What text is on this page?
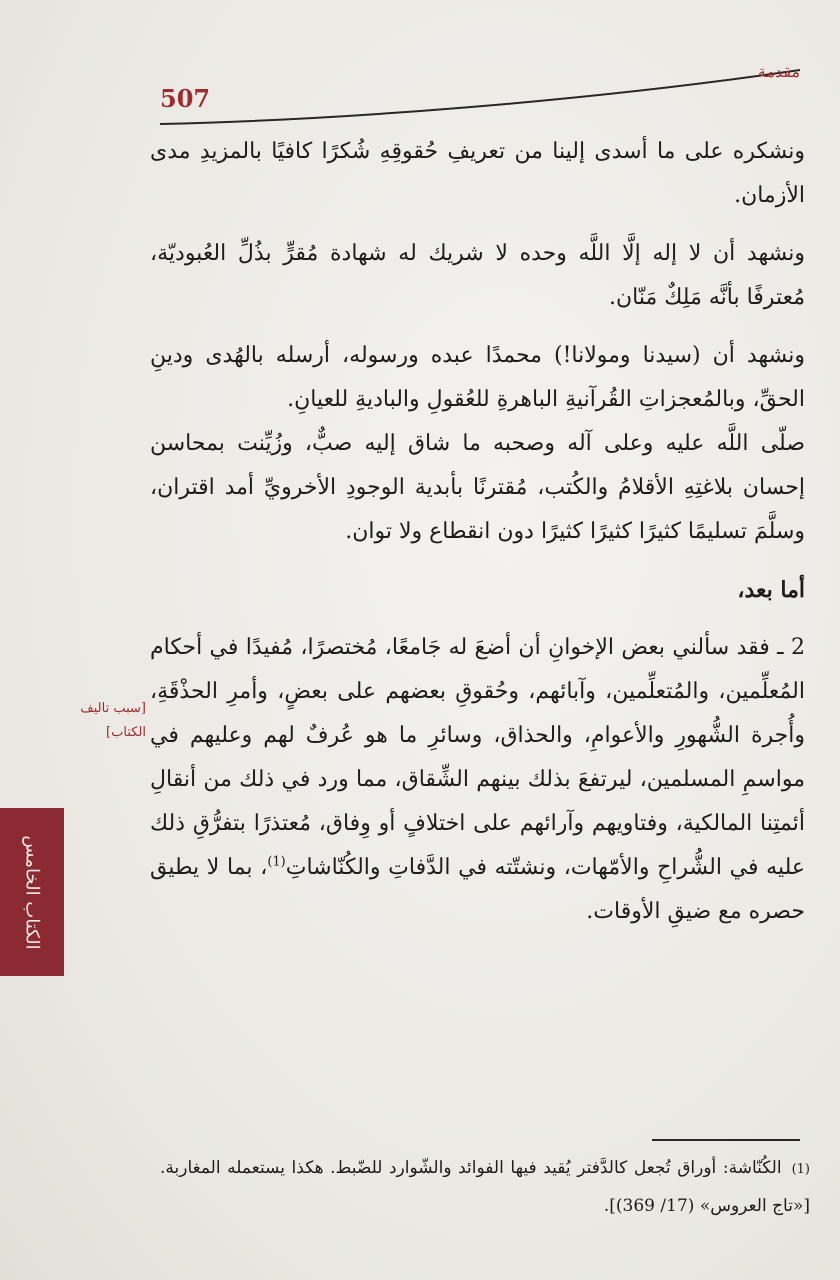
507
مقدمة

ونشكره على ما أسدى إلينا من تعريفِ حُقوقِهِ شُكرًا كافيًا بالمزيدِ مدى الأزمان.

ونشهد أن لا إله إلَّا اللَّه وحده لا شريك له شهادة مُقرٍّ بذُلِّ العُبوديّة، مُعترفًا بأنَّه مَلِكٌ مَنّان.

ونشهد أن (سيدنا ومولانا!) محمدًا عبده ورسوله، أرسله بالهُدى ودينِ الحقِّ، وبالمُعجزاتِ القُرآنيةِ الباهرةِ للعُقولِ والباديةِ للعيانِ.

صلّى اللَّه عليه وعلى آله وصحبه ما شاق إليه صبٌّ، وزُيِّنت بمحاسن إحسان بلاغتِهِ الأقلامُ والكُتب، مُقترنًا بأبدية الوجودِ الأخرويِّ أمد اقتران، وسلَّمَ تسليمًا كثيرًا كثيرًا كثيرًا دون انقطاع ولا توان.

أما بعد،

2 ـ فقد سألني بعض الإخوانِ أن أضعَ له جَامعًا، مُختصرًا، مُفيدًا في أحكام المُعلِّمين، والمُتعلِّمين، وآبائهم، وحُقوقِ بعضهم على بعضٍ، وأمرِ الحذْقَةِ، وأُجرة الشُّهورِ والأعوامِ، والحذاق، وسائرِ ما هو عُرفٌ لهم وعليهم في مواسمِ المسلمين، ليرتفعَ بذلك بينهم الشِّقاق، مما ورد في ذلك من أنقالِ أئمتِنا المالكية، وفتاويهم وآرائهم على اختلافٍ أو وِفاق، مُعتذرًا بتفرُّقِ ذلك عليه في الشُّراحِ والأمّهات، ونشتّته في الدَّفاتِ والكُنّاشاتِ$^{(1)}$، بما لا يطيق حصره مع ضيقِ الأوقات.

[سبب تاليف
الكتاب]
الكتاب الخامس
(1)الكُنّاشة: أوراق تُجعل كالدَّفتر يُقيد فيها الفوائد والشّوارد للضّبط. هكذا يستعمله المغاربة. [«تاج العروس» (17/ 369)].
